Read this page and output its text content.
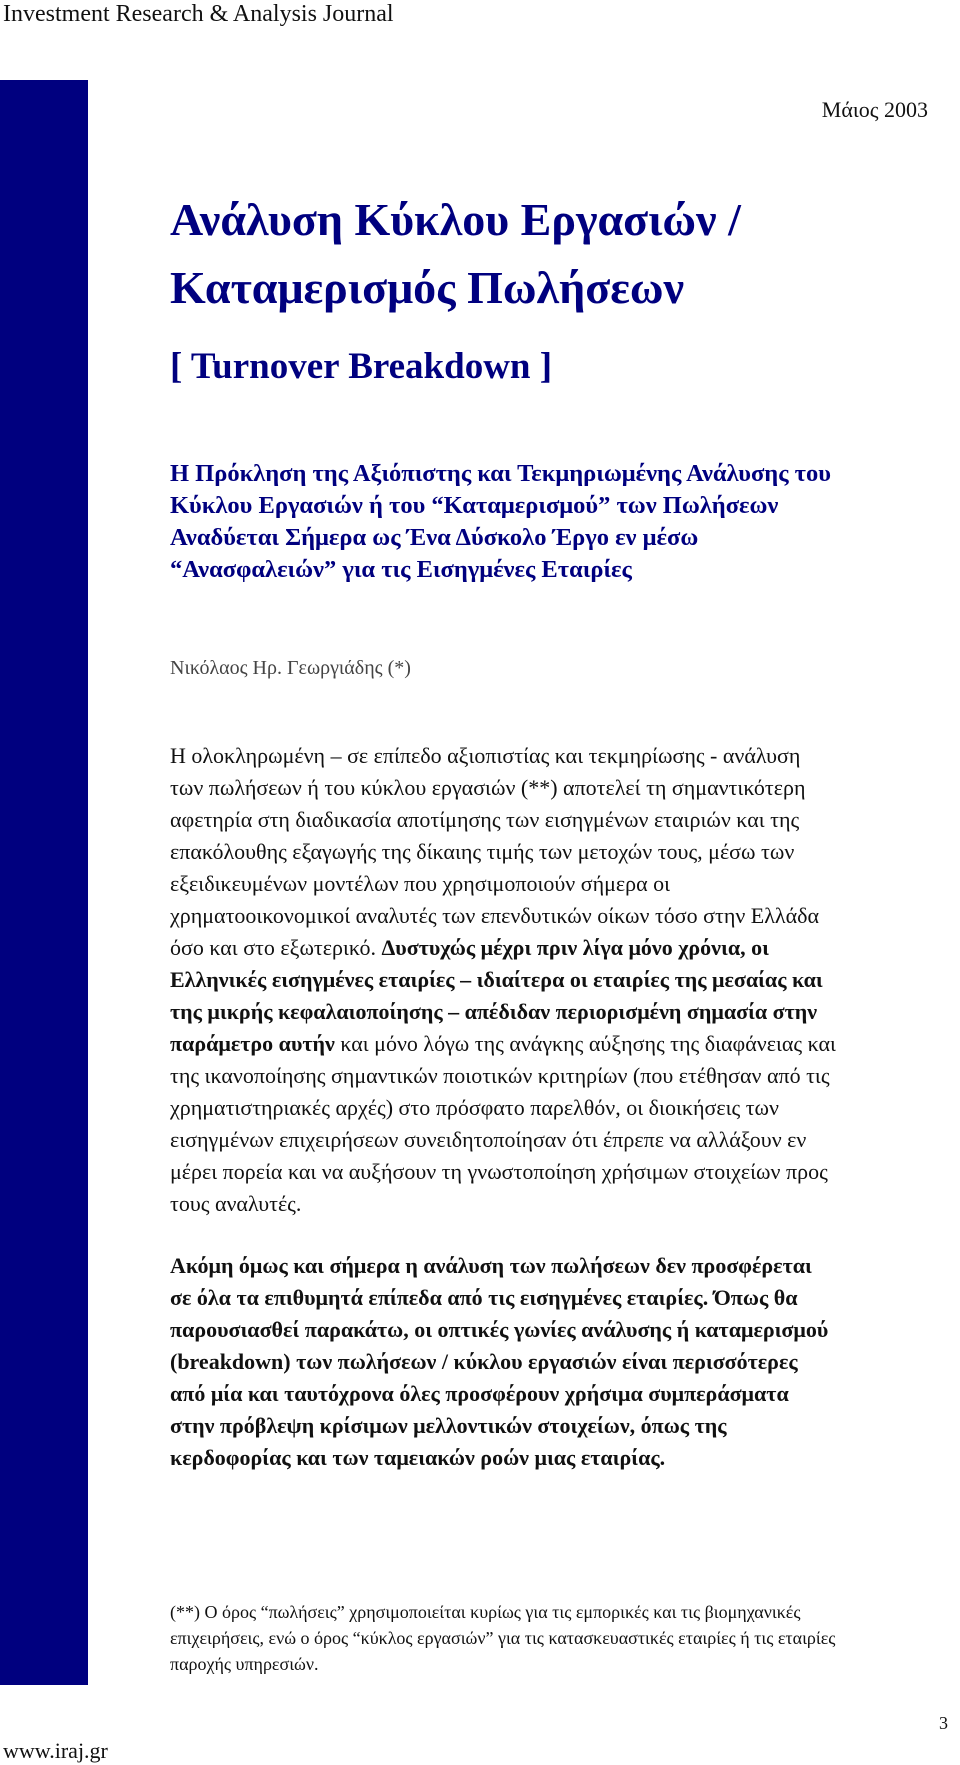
Investment Research & Analysis Journal
Μάιος 2003
Ανάλυση Κύκλου Εργασιών /
Καταμερισμός Πωλήσεων
[ Turnover Breakdown ]
Η Πρόκληση της Αξιόπιστης και Τεκμηριωμένης Ανάλυσης του
Κύκλου Εργασιών ή του “Καταμερισμού” των Πωλήσεων
Αναδύεται Σήμερα ως Ένα Δύσκολο Έργο εν μέσω
“Ανασφαλειών” για τις Εισηγμένες Εταιρίες
Νικόλαος Ηρ. Γεωργιάδης (*)
Η ολοκληρωμένη – σε επίπεδο αξιοπιστίας και τεκμηρίωσης - ανάλυση
των πωλήσεων ή του κύκλου εργασιών (**) αποτελεί τη σημαντικότερη
αφετηρία στη διαδικασία αποτίμησης των εισηγμένων εταιριών και της
επακόλουθης εξαγωγής της δίκαιης τιμής των μετοχών τους, μέσω των
εξειδικευμένων μοντέλων που χρησιμοποιούν σήμερα οι
χρηματοοικονομικοί αναλυτές των επενδυτικών οίκων τόσο στην Ελλάδα
όσο και στο εξωτερικό. Δυστυχώς μέχρι πριν λίγα μόνο χρόνια, οι
Ελληνικές εισηγμένες εταιρίες – ιδιαίτερα οι εταιρίες της μεσαίας και
της μικρής κεφαλαιοποίησης – απέδιδαν περιορισμένη σημασία στην
παράμετρο αυτήν και μόνο λόγω της ανάγκης αύξησης της διαφάνειας και
της ικανοποίησης σημαντικών ποιοτικών κριτηρίων (που ετέθησαν από τις
χρηματιστηριακές αρχές) στο πρόσφατο παρελθόν, οι διοικήσεις των
εισηγμένων επιχειρήσεων συνειδητοποίησαν ότι έπρεπε να αλλάξουν εν
μέρει πορεία και να αυξήσουν τη γνωστοποίηση χρήσιμων στοιχείων προς
τους αναλυτές.
Ακόμη όμως και σήμερα η ανάλυση των πωλήσεων δεν προσφέρεται
σε όλα τα επιθυμητά επίπεδα από τις εισηγμένες εταιρίες. Όπως θα
παρουσιασθεί παρακάτω, οι οπτικές γωνίες ανάλυσης ή καταμερισμού
(breakdown) των πωλήσεων / κύκλου εργασιών είναι περισσότερες
από μία και ταυτόχρονα όλες προσφέρουν χρήσιμα συμπεράσματα
στην πρόβλεψη κρίσιμων μελλοντικών στοιχείων, όπως της
κερδοφορίας και των ταμειακών ροών μιας εταιρίας.
(**) Ο όρος “πωλήσεις” χρησιμοποιείται κυρίως για τις εμπορικές και τις βιομηχανικές
επιχειρήσεις, ενώ ο όρος “κύκλος εργασιών” για τις κατασκευαστικές εταιρίες ή τις εταιρίες
παροχής υπηρεσιών.
3
www.iraj.gr
